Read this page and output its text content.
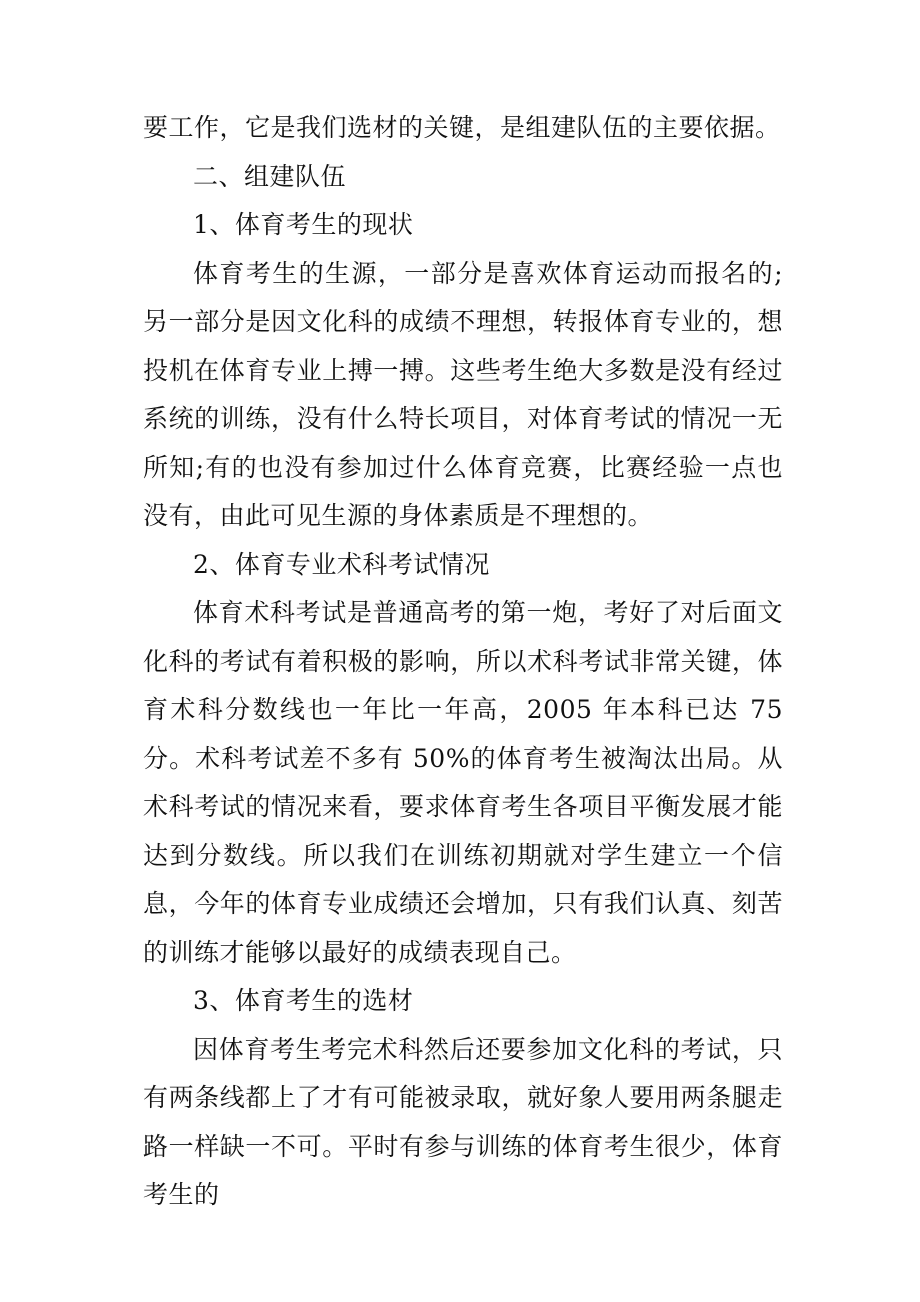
要工作，它是我们选材的关键，是组建队伍的主要依据。

二、组建队伍

1、体育考生的现状

体育考生的生源，一部分是喜欢体育运动而报名的;另一部分是因文化科的成绩不理想，转报体育专业的，想投机在体育专业上搏一搏。这些考生绝大多数是没有经过系统的训练，没有什么特长项目，对体育考试的情况一无所知;有的也没有参加过什么体育竞赛，比赛经验一点也没有，由此可见生源的身体素质是不理想的。

2、体育专业术科考试情况

体育术科考试是普通高考的第一炮，考好了对后面文化科的考试有着积极的影响，所以术科考试非常关键，体育术科分数线也一年比一年高，2005 年本科已达 75 分。术科考试差不多有 50%的体育考生被淘汰出局。从术科考试的情况来看，要求体育考生各项目平衡发展才能达到分数线。所以我们在训练初期就对学生建立一个信息，今年的体育专业成绩还会增加，只有我们认真、刻苦的训练才能够以最好的成绩表现自己。

3、体育考生的选材

因体育考生考完术科然后还要参加文化科的考试，只有两条线都上了才有可能被录取，就好象人要用两条腿走路一样缺一不可。平时有参与训练的体育考生很少，体育考生的
